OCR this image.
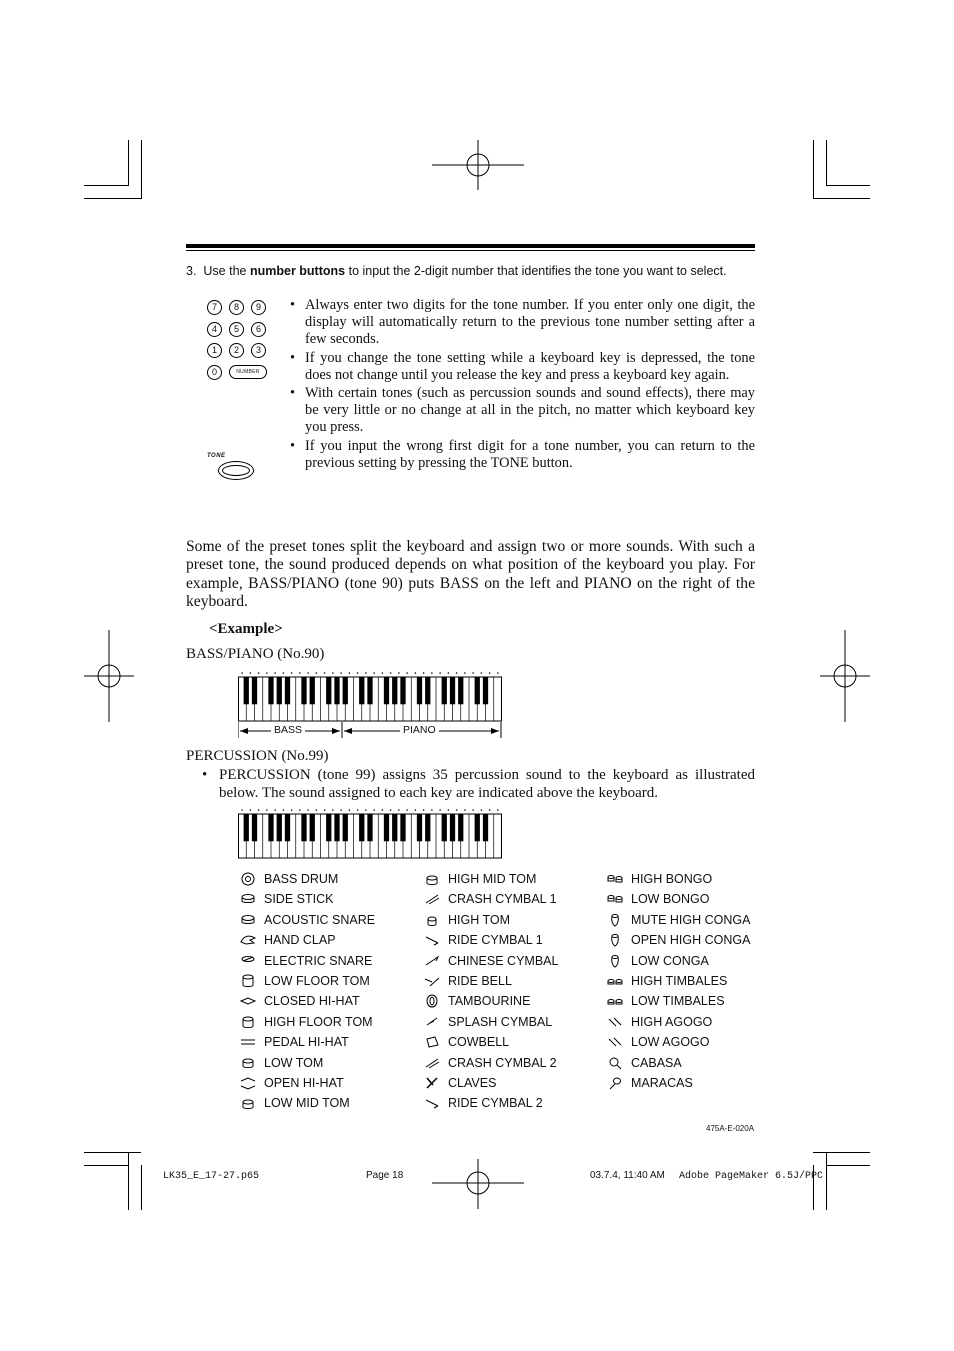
3. Use the number buttons to input the 2-digit number that identifies the tone you want to select.
7	8	9
4	5	6
1	2	3
0	NUMBER
TONE
• Always enter two digits for the tone number. If you enter only one digit, the display will automatically return to the previous tone number setting after a few seconds.
• If you change the tone setting while a keyboard key is depressed, the tone does not change until you release the key and press a keyboard key again.
• With certain tones (such as percussion sounds and sound effects), there may be very little or no change at all in the pitch, no matter which keyboard key you press.
• If you input the wrong first digit for a tone number, you can return to the previous setting by pressing the TONE button.
Some of the preset tones split the keyboard and assign two or more sounds. With such a preset tone, the sound produced depends on what position of the keyboard you play. For example, BASS/PIANO (tone 90) puts BASS on the left and PIANO on the right of the keyboard.
<Example>
BASS/PIANO (No.90)
BASS	PIANO
PERCUSSION (No.99)
• PERCUSSION (tone 99) assigns 35 percussion sound to the keyboard as illustrated below. The sound assigned to each key are indicated above the keyboard.
BASS DRUM
SIDE STICK
ACOUSTIC SNARE
HAND CLAP
ELECTRIC SNARE
LOW FLOOR TOM
CLOSED HI-HAT
HIGH FLOOR TOM
PEDAL HI-HAT
LOW TOM
OPEN HI-HAT
LOW MID TOM
HIGH MID TOM
CRASH CYMBAL 1
HIGH TOM
RIDE CYMBAL 1
CHINESE CYMBAL
RIDE BELL
TAMBOURINE
SPLASH CYMBAL
COWBELL
CRASH CYMBAL 2
CLAVES
RIDE CYMBAL 2
HIGH BONGO
LOW BONGO
MUTE HIGH CONGA
OPEN HIGH CONGA
LOW CONGA
HIGH TIMBALES
LOW TIMBALES
HIGH AGOGO
LOW AGOGO
CABASA
MARACAS
475A-E-020A
LK35_E_17-27.p65	Page 18	03.7.4, 11:40 AM Adobe PageMaker 6.5J/PPC
